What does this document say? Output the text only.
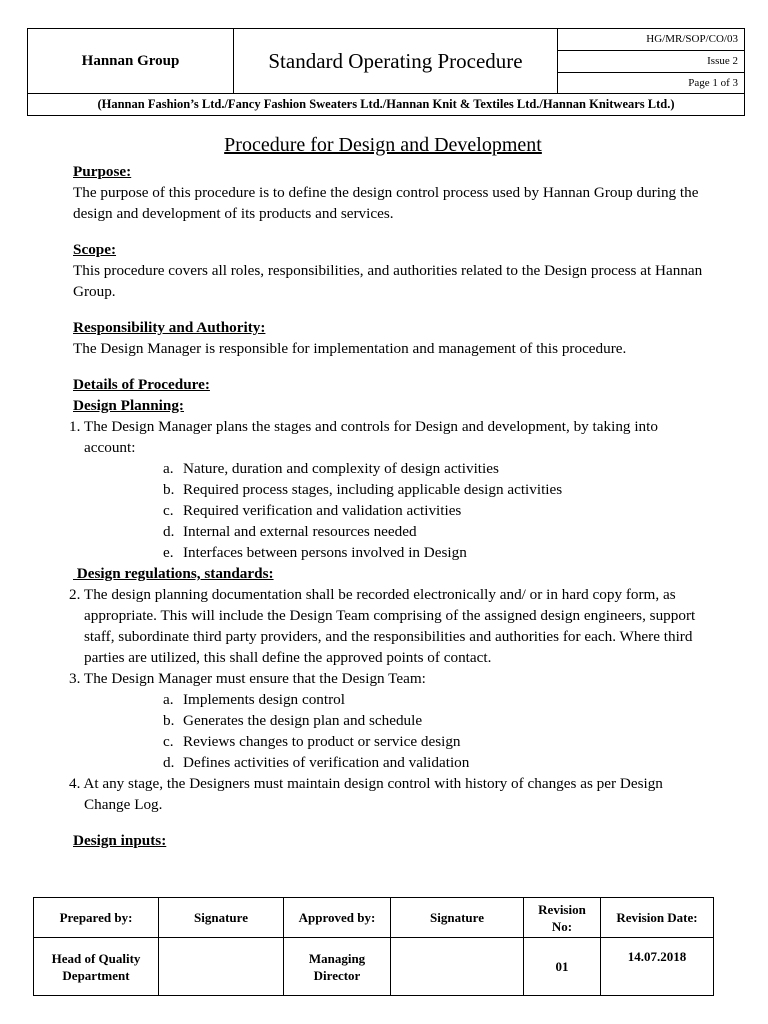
Hannan Group	Standard Operating Procedure
HG/MR/SOP/CO/03
Issue 2
Page 1 of 3
(Hannan Fashion’s Ltd./Fancy Fashion Sweaters Ltd./Hannan Knit & Textiles Ltd./Hannan Knitwears Ltd.)
Procedure for Design and Development
Purpose:
The purpose of this procedure is to define the design control process used by Hannan Group during the design and development of its products and services.
Scope:
This procedure covers all roles, responsibilities, and authorities related to the Design process at Hannan Group.
Responsibility and Authority:
The Design Manager is responsible for implementation and management of this procedure.
Details of Procedure:
Design Planning:
1. The Design Manager plans the stages and controls for Design and development, by taking into account:
a. Nature, duration and complexity of design activities
b. Required process stages, including applicable design activities
c. Required verification and validation activities
d. Internal and external resources needed
e. Interfaces between persons involved in Design
Design regulations, standards:
2. The design planning documentation shall be recorded electronically and/ or in hard copy form, as appropriate. This will include the Design Team comprising of the assigned design engineers, support staff, subordinate third party providers, and the responsibilities and authorities for each. Where third parties are utilized, this shall define the approved points of contact.
3. The Design Manager must ensure that the Design Team:
a. Implements design control
b. Generates the design plan and schedule
c. Reviews changes to product or service design
d. Defines activities of verification and validation
4. At any stage, the Designers must maintain design control with history of changes as per Design Change Log.
Design inputs:
Prepared by:	Signature	Approved by:	Signature	Revision No:	Revision Date:
Head of Quality Department		Managing Director		01	14.07.2018
